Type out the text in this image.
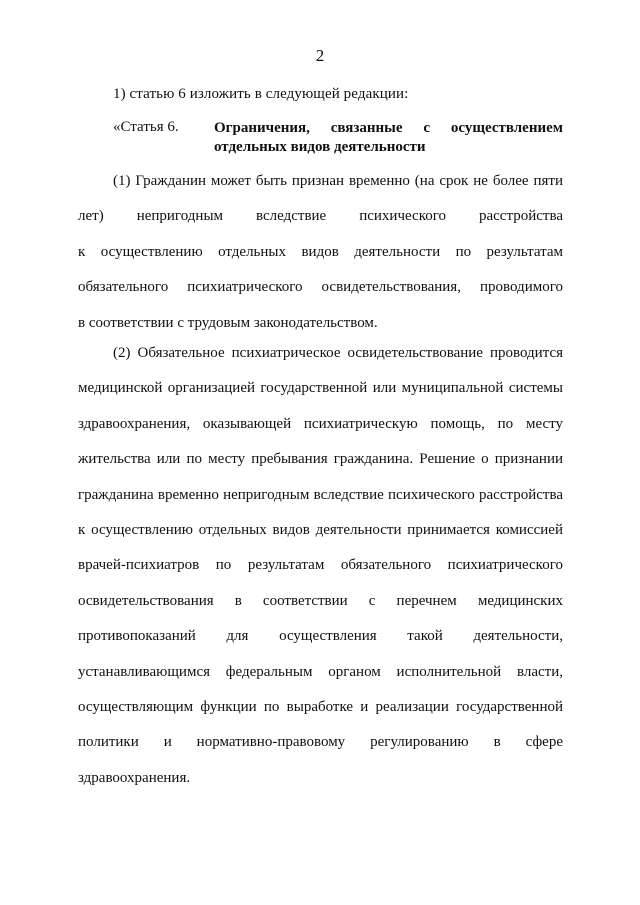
2
1) статью 6 изложить в следующей редакции:
«Статья 6. Ограничения, связанные с осуществлением
отдельных видов деятельности
(1) Гражданин может быть признан временно (на срок не более пяти
лет) непригодным вследствие психического расстройства
к осуществлению отдельных видов деятельности по результатам
обязательного психиатрического освидетельствования, проводимого
в соответствии с трудовым законодательством.
(2) Обязательное психиатрическое освидетельствование проводится
медицинской организацией государственной или муниципальной системы
здравоохранения, оказывающей психиатрическую помощь, по месту
жительства или по месту пребывания гражданина. Решение о признании
гражданина временно непригодным вследствие психического расстройства
к осуществлению отдельных видов деятельности принимается комиссией
врачей-психиатров по результатам обязательного психиатрического
освидетельствования в соответствии с перечнем медицинских
противопоказаний для осуществления такой деятельности,
устанавливающимся федеральным органом исполнительной власти,
осуществляющим функции по выработке и реализации государственной
политики и нормативно-правовому регулированию в сфере
здравоохранения.
